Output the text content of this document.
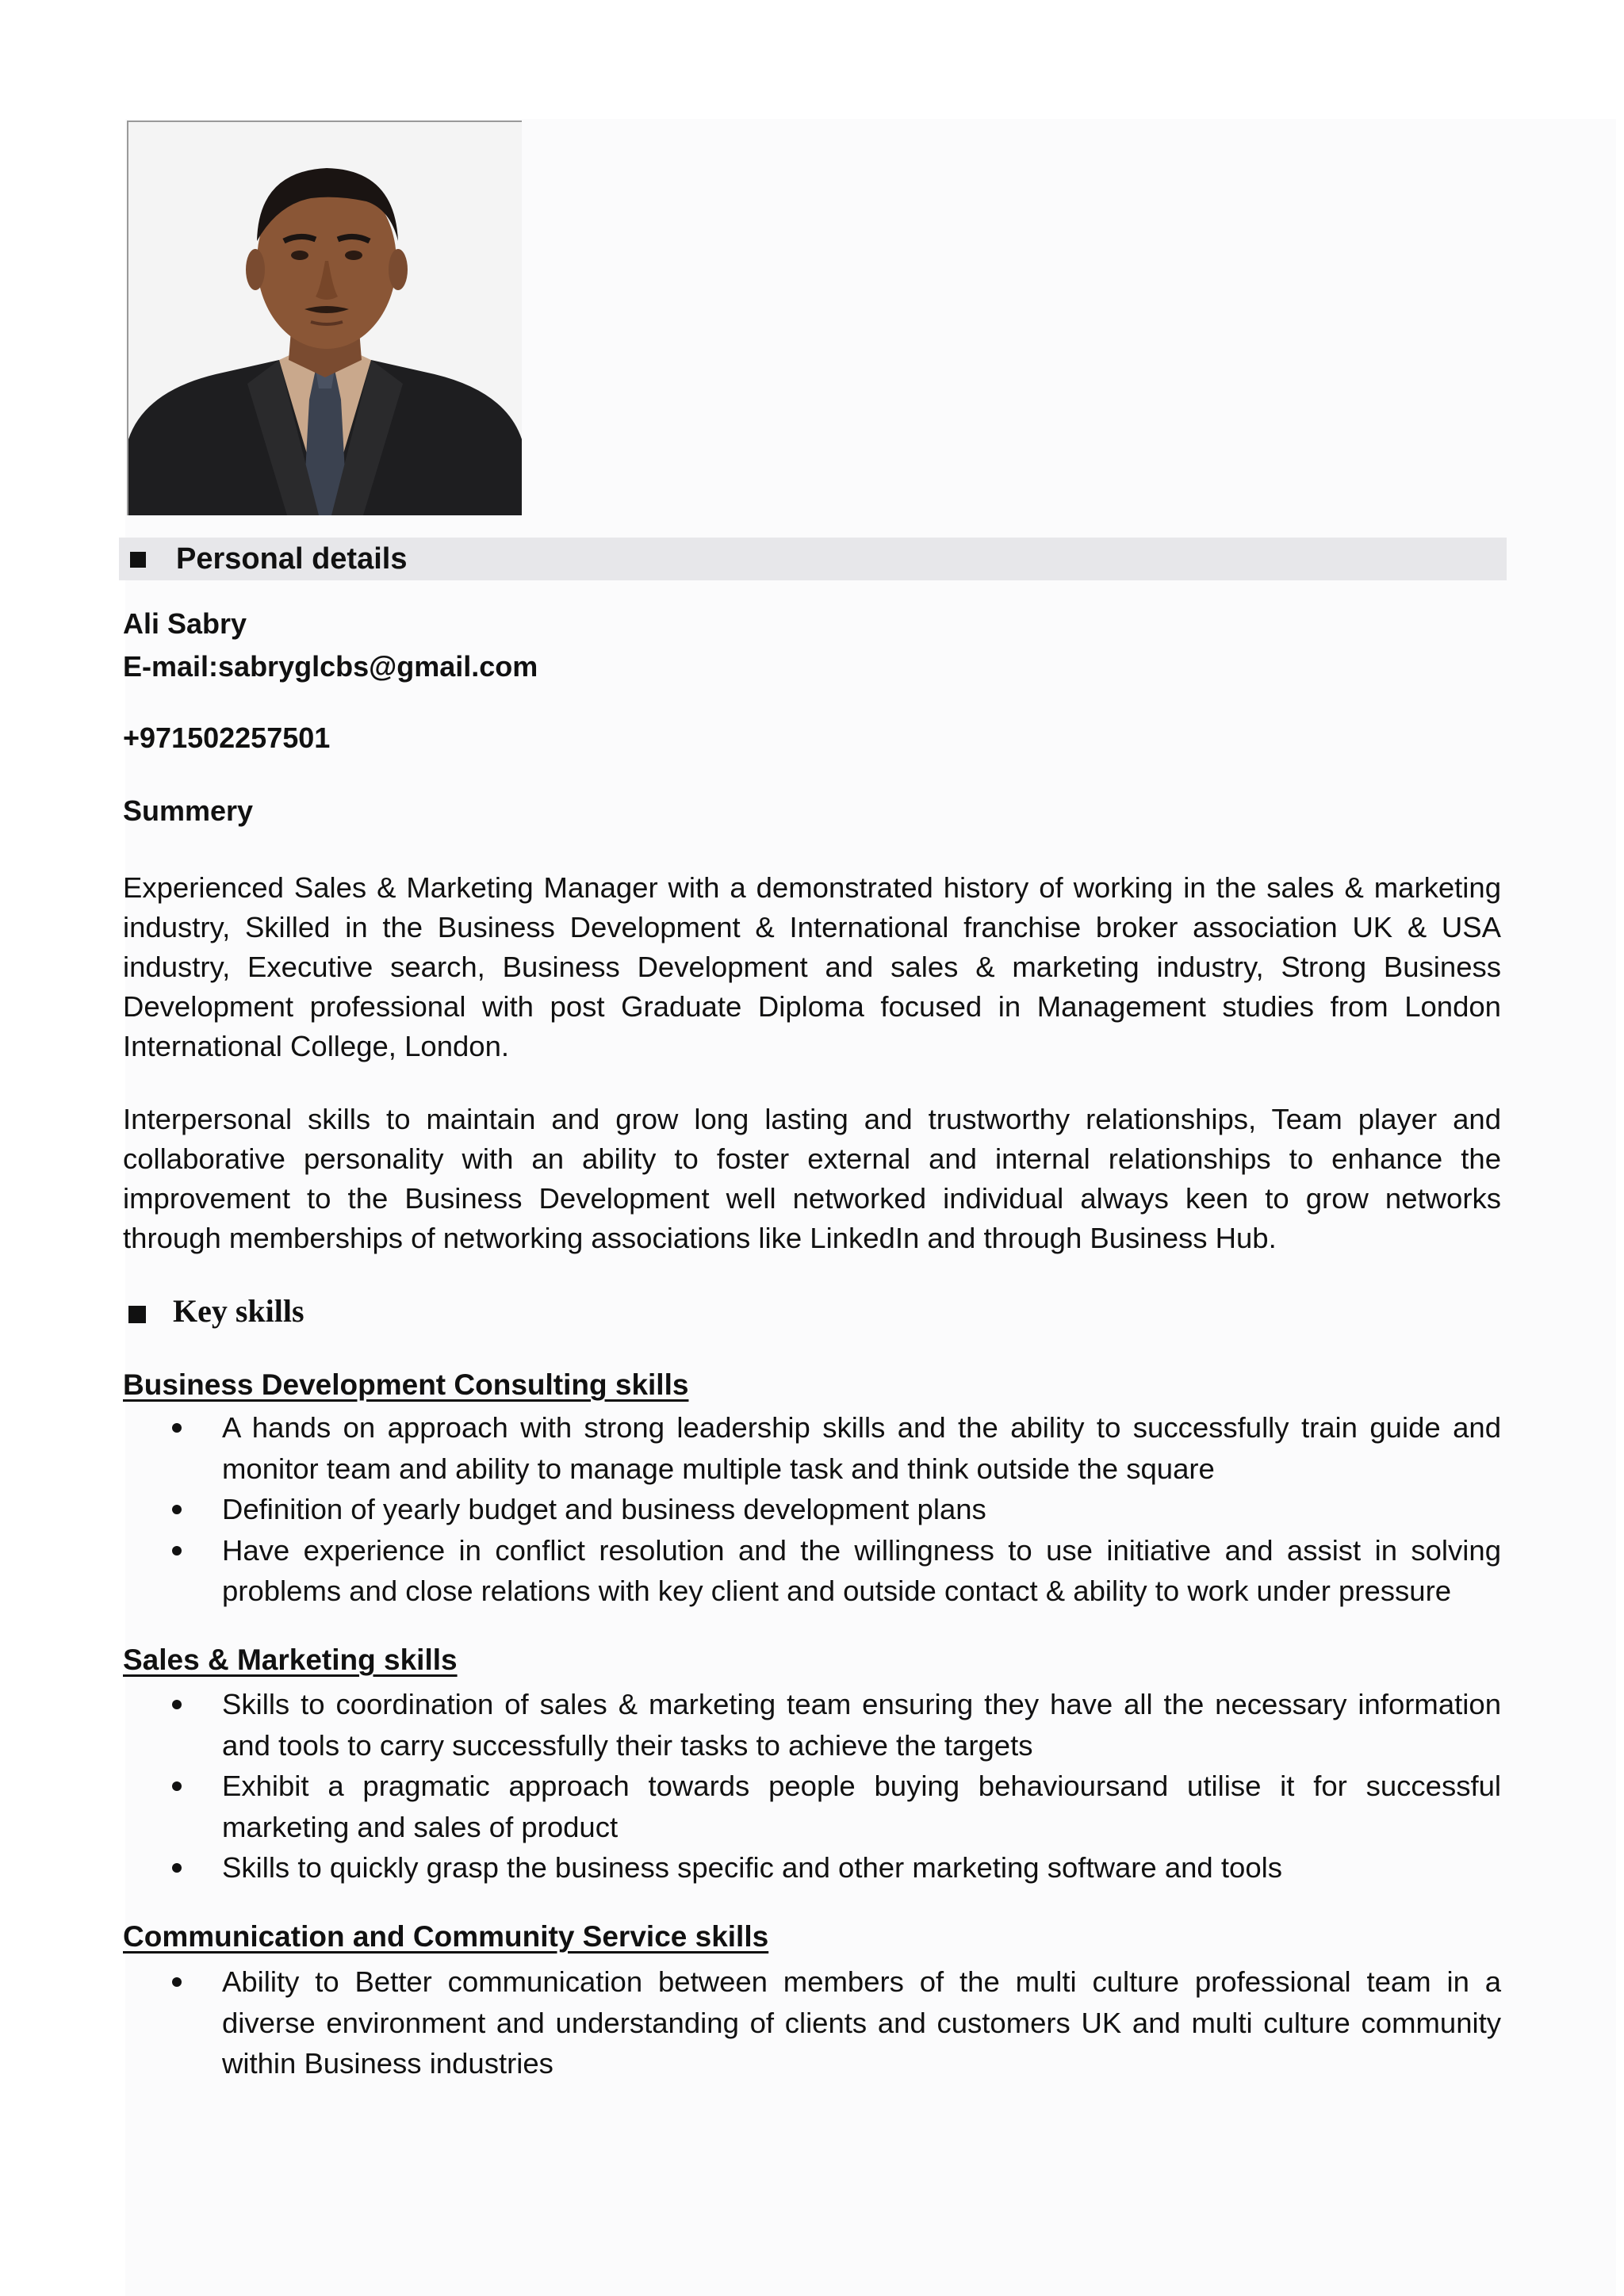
Personal details
Ali Sabry
E-mail:sabryglcbs@gmail.com
+971502257501
Summery
Experienced Sales & Marketing Manager with a demonstrated history of working in the sales & marketing industry, Skilled in the Business Development & International franchise broker association UK & USA industry, Executive search, Business Development and sales & marketing industry, Strong Business Development professional with post Graduate Diploma focused in Management studies from London International College, London.
Interpersonal skills to maintain and grow long lasting and trustworthy relationships, Team player and collaborative personality with an ability to foster external and internal relationships to enhance the improvement to the Business Development well networked individual always keen to grow networks through memberships of networking associations like LinkedIn and through Business Hub.
Key skills
Business Development Consulting skills
A hands on approach with strong leadership skills and the ability to successfully train guide and monitor team and ability to manage multiple task and think outside the square
Definition of yearly budget and business development plans
Have experience in conflict resolution and the willingness to use initiative and assist in solving problems and close relations with key client and outside contact & ability to work under pressure
Sales & Marketing skills
Skills to coordination of sales & marketing team ensuring they have all the necessary information and tools to carry successfully their tasks to achieve the targets
Exhibit a pragmatic approach towards people buying behavioursand utilise it for successful marketing and sales of product
Skills to quickly grasp the business specific and other marketing software and tools
Communication and Community Service skills
Ability to Better communication between members of the multi culture professional team in a diverse environment and understanding of clients and customers UK and multi culture community within Business industries
